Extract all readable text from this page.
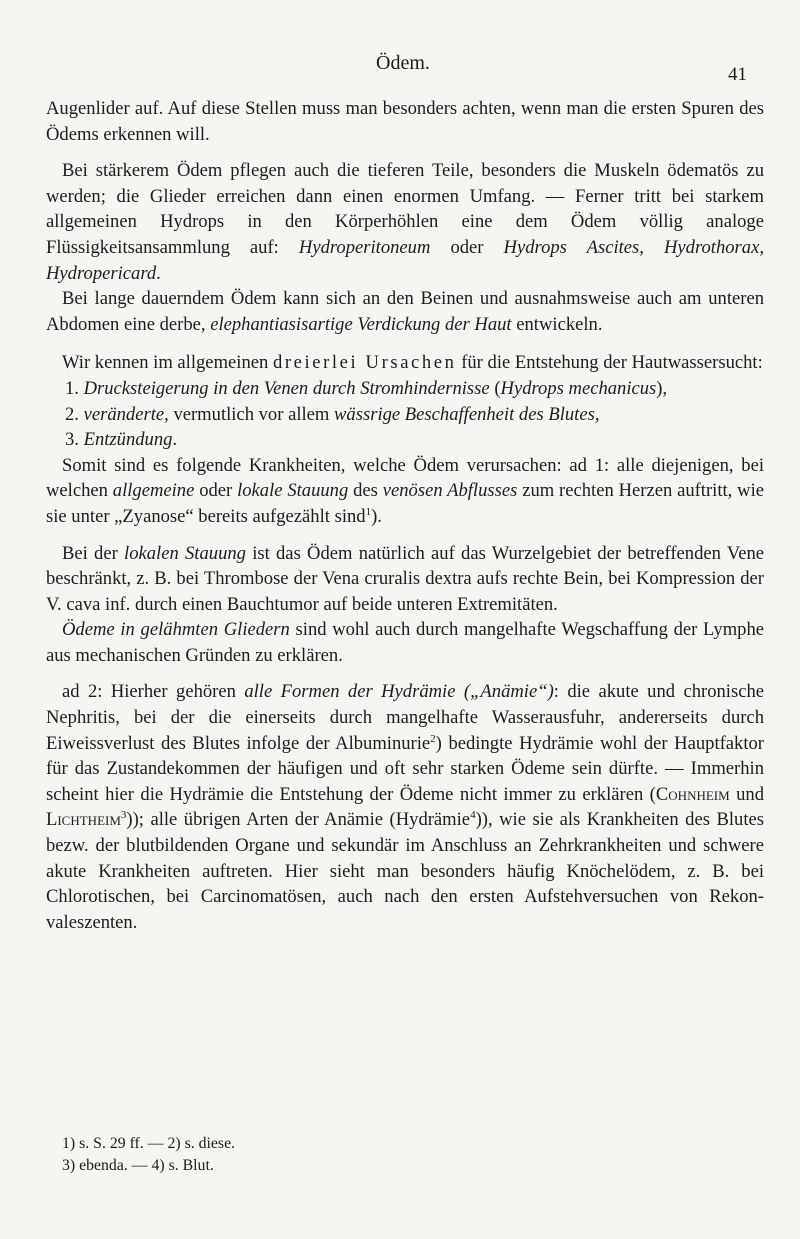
Ödem.
41

Augenlider auf. Auf diese Stellen muss man besonders achten, wenn man die ersten Spuren des Ödems erkennen will.

Bei stärkerem Ödem pflegen auch die tieferen Teile, besonders die Muskeln ödematös zu werden; die Glieder erreichen dann einen enormen Umfang. — Ferner tritt bei starkem allgemeinen Hydrops in den Körperhöhlen eine dem Ödem völlig analoge Flüssigkeitsansammlung auf: Hydroperitoneum oder Hydrops Ascites, Hydrothorax, Hydropericard.

Bei lange dauerndem Ödem kann sich an den Beinen und ausnahmsweise auch am unteren Abdomen eine derbe, elephantiasisartige Verdickung der Haut entwickeln.

Wir kennen im allgemeinen dreierlei Ursachen für die Entstehung der Hautwassersucht:

1. Drucksteigerung in den Venen durch Stromhindernisse (Hydrops mechanicus),

2. veränderte, vermutlich vor allem wässrige Beschaffenheit des Blutes,

3. Entzündung.

Somit sind es folgende Krankheiten, welche Ödem verursachen: ad 1: alle diejenigen, bei welchen allgemeine oder lokale Stauung des venösen Abflusses zum rechten Herzen auftritt, wie sie unter „Zyanose“ bereits aufgezählt sind$^1$).

Bei der lokalen Stauung ist das Ödem natürlich auf das Wurzelgebiet der betreffenden Vene beschränkt, z. B. bei Thrombose der Vena cruralis dextra aufs rechte Bein, bei Kompression der V. cava inf. durch einen Bauchtumor auf beide unteren Extremitäten.

Ödeme in gelähmten Gliedern sind wohl auch durch mangelhafte Wegschaffung der Lymphe aus mechanischen Gründen zu erklären.

ad 2: Hierher gehören alle Formen der Hydrämie („Anämie“): die akute und chronische Nephritis, bei der die einerseits durch mangelhafte Wasserausfuhr, andererseits durch Eiweissverlust des Blutes infolge der Albuminurie$^2$) bedingte Hydrämie wohl der Hauptfaktor für das Zustandekommen der häufigen und oft sehr starken Ödeme sein dürfte. — Immerhin scheint hier die Hydrämie die Entstehung der Ödeme nicht immer zu erklären (Cohnheim und Lichtheim$^3$)); alle übrigen Arten der Anämie (Hydrämie$^4$)), wie sie als Krankheiten des Blutes bezw. der blutbildenden Organe und sekundär im Anschluss an Zehrkrankheiten und schwere akute Krankheiten auftreten. Hier sieht man besonders häufig Knöchelödem, z. B. bei Chlorotischen, bei Carcinomatösen, auch nach den ersten Aufstehversuchen von Rekonvaleszenten.

1) s. S. 29 ff. — 2) s. diese.

3) ebenda. — 4) s. Blut.
